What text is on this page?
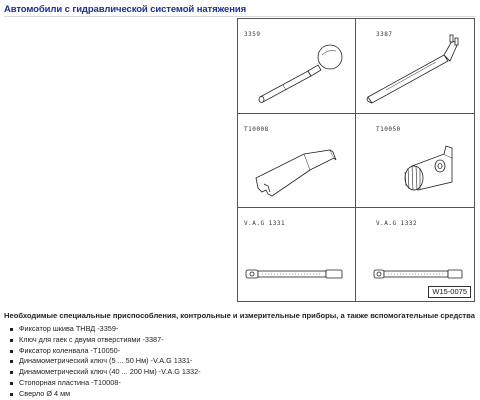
Автомобили с гидравлической системой натяжения
3359	3387
T10008	T10050
V.A.G 1331	V.A.G 1332
W15-0075
Необходимые специальные приспособления, контрольные и измерительные приборы, а также вспомогательные средства
Фиксатор шкива ТНВД -3359-
Ключ для гаек с двумя отверстиями -3387-
Фиксатор коленвала -T10050-
Динамометрический ключ (5 ... 50 Нм) -V.A.G 1331-
Динамометрический ключ (40 ... 200 Нм) -V.A.G 1332-
Стопорная пластина -T10008-
Сверло Ø 4 мм
